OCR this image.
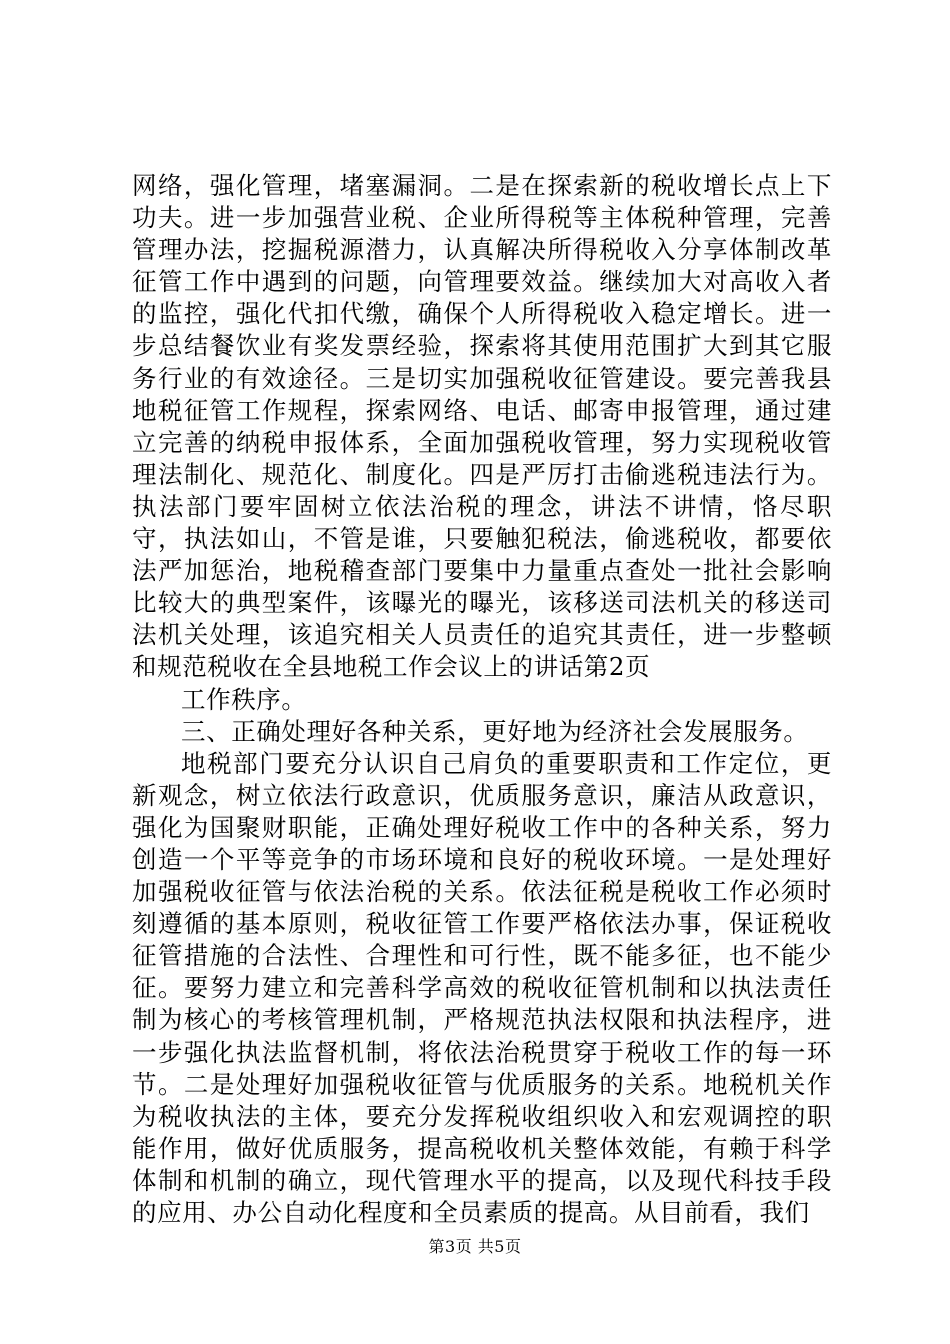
网络，强化管理，堵塞漏洞。二是在探索新的税收增长点上下功夫。进一步加强营业税、企业所得税等主体税种管理，完善管理办法，挖掘税源潜力，认真解决所得税收入分享体制改革征管工作中遇到的问题，向管理要效益。继续加大对高收入者的监控，强化代扣代缴，确保个人所得税收入稳定增长。进一步总结餐饮业有奖发票经验，探索将其使用范围扩大到其它服务行业的有效途径。三是切实加强税收征管建设。要完善我县地税征管工作规程，探索网络、电话、邮寄申报管理，通过建立完善的纳税申报体系，全面加强税收管理，努力实现税收管理法制化、规范化、制度化。四是严厉打击偷逃税违法行为。执法部门要牢固树立依法治税的理念，讲法不讲情，恪尽职守，执法如山，不管是谁，只要触犯税法，偷逃税收，都要依法严加惩治，地税稽查部门要集中力量重点查处一批社会影响比较大的典型案件，该曝光的曝光，该移送司法机关的移送司法机关处理，该追究相关人员责任的追究其责任，进一步整顿和规范税收在全县地税工作会议上的讲话第2页

工作秩序。

三、正确处理好各种关系，更好地为经济社会发展服务。

地税部门要充分认识自己肩负的重要职责和工作定位，更新观念，树立依法行政意识，优质服务意识，廉洁从政意识，强化为国聚财职能，正确处理好税收工作中的各种关系，努力创造一个平等竞争的市场环境和良好的税收环境。一是处理好加强税收征管与依法治税的关系。依法征税是税收工作必须时刻遵循的基本原则，税收征管工作要严格依法办事，保证税收征管措施的合法性、合理性和可行性，既不能多征，也不能少征。要努力建立和完善科学高效的税收征管机制和以执法责任制为核心的考核管理机制，严格规范执法权限和执法程序，进一步强化执法监督机制，将依法治税贯穿于税收工作的每一环节。二是处理好加强税收征管与优质服务的关系。地税机关作为税收执法的主体，要充分发挥税收组织收入和宏观调控的职能作用，做好优质服务，提高税收机关整体效能，有赖于科学体制和机制的确立，现代管理水平的提高，以及现代科技手段的应用、办公自动化程度和全员素质的提高。从目前看，我们

第3页 共5页
